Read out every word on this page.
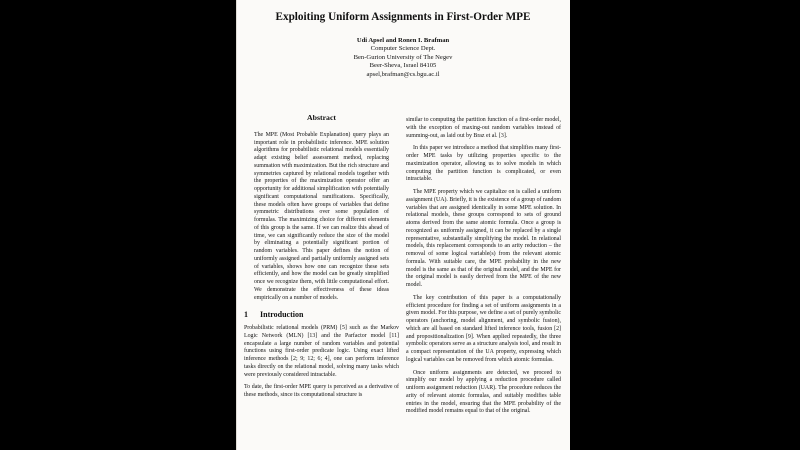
Exploiting Uniform Assignments in First-Order MPE
Udi Apsel and Ronen I. Brafman
Computer Science Dept.
Ben-Gurion University of The Negev
Beer-Sheva, Israel 84105
apsel,brafman@cs.bgu.ac.il
Abstract

The MPE (Most Probable Explanation) query plays an important role in probabilistic inference. MPE solution algorithms for probabilistic relational models essentially adapt existing belief assessment method, replacing summation with maximization. But the rich structure and symmetries captured by relational models together with the properties of the maximization operator offer an opportunity for additional simplification with potentially significant computational ramifications. Specifically, these models often have groups of variables that define symmetric distributions over some population of formulas. The maximizing choice for different elements of this group is the same. If we can realize this ahead of time, we can significantly reduce the size of the model by eliminating a potentially significant portion of random variables. This paper defines the notion of uniformly assigned and partially uniformly assigned sets of variables, shows how one can recognize these sets efficiently, and how the model can be greatly simplified once we recognize them, with little computational effort. We demonstrate the effectiveness of these ideas empirically on a number of models.

1 Introduction

Probabilistic relational models (PRM) [5] such as the Markov Logic Network (MLN) [13] and the Parfactor model [11] encapsulate a large number of random variables and potential functions using first-order predicate logic. Using exact lifted inference methods [2; 9; 12; 6; 4], one can perform inference tasks directly on the relational model, solving many tasks which were previously considered intractable.

To date, the first-order MPE query is perceived as a derivative of these methods, since its computational structure is

similar to computing the partition function of a first-order model, with the exception of maxing-out random variables instead of summing-out, as laid out by Braz et al. [3].

In this paper we introduce a method that simplifies many first-order MPE tasks by utilizing properties specific to the maximization operator, allowing us to solve models in which computing the partition function is complicated, or even intractable.

The MPE property which we capitalize on is called a uniform assignment (UA). Briefly, it is the existence of a group of random variables that are assigned identically in some MPE solution. In relational models, these groups correspond to sets of ground atoms derived from the same atomic formula. Once a group is recognized as uniformly assigned, it can be replaced by a single representative, substantially simplifying the model. In relational models, this replacement corresponds to an arity reduction – the removal of some logical variable(s) from the relevant atomic formula. With suitable care, the MPE probability in the new model is the same as that of the original model, and the MPE for the original model is easily derived from the MPE of the new model.

The key contribution of this paper is a computationally efficient procedure for finding a set of uniform assignments in a given model. For this purpose, we define a set of purely symbolic operators (anchoring, model alignment, and symbolic fusion), which are all based on standard lifted inference tools, fusion [2] and propositionalization [9]. When applied repeatedly, the three symbolic operators serve as a structure analysis tool, and result in a compact representation of the UA property, expressing which logical variables can be removed from which atomic formulas.

Once uniform assignments are detected, we proceed to simplify our model by applying a reduction procedure called uniform assignment reduction (UAR). The procedure reduces the arity of relevant atomic formulas, and suitably modifies table entries in the model, ensuring that the MPE probability of the modified model remains equal to that of the original.
